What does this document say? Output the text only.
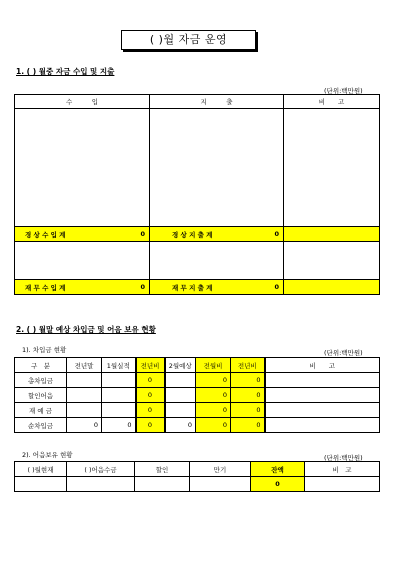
( )월 자금 운영
1. ( ) 월중 자금 수입 및 지출
(단위:백만원)
수　　　입	지　　　출	비　　고

경 상 수 입 계 0	경 상 지 출 계 0	

재 무 수 입 계 0	재 무 지 출 계 0	

2. ( ) 월말 예상 차입금 및 어음 보유 현황
1). 차입금 현황	(단위:백만원)
구　분	전년말	1월실적	전년비	2월예상	전월비	전년비	비　　고
총차입금			0		0	0	
할인어음			0		0	0	
재 예 금			0		0	0	
순차입금	0	0	0	0	0	0	
2). 어음보유 현황	(단위:백만원)
( )월현재	( )어음수금	할인	만기	잔액	비　고
				0	
